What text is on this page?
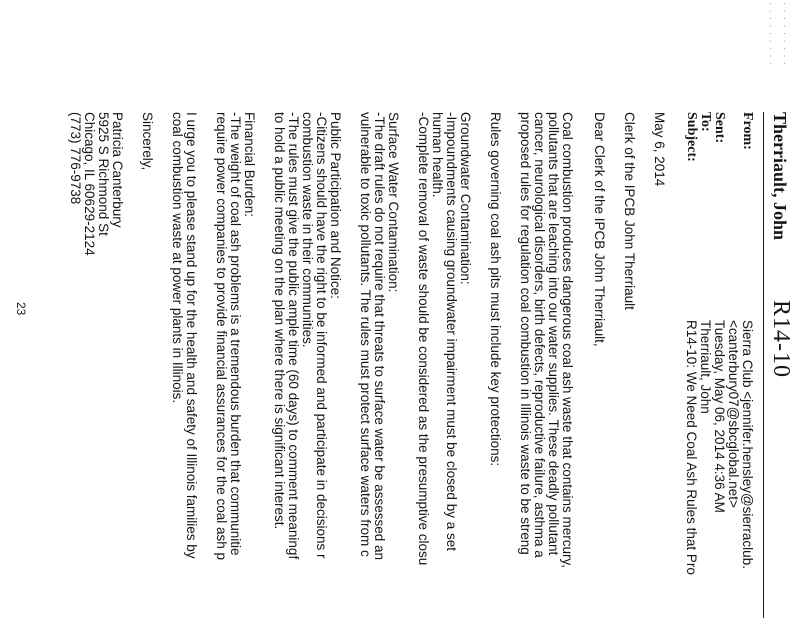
Therriault, John
R14-10
From:
Sierra Club <jennifer.hensley@sierraclub.
<canterbury07@sbcglobal.net>
Sent:
Tuesday, May 06, 2014 4:36 AM
To:
Therriault, John
Subject:
R14-10: We Need Coal Ash Rules that Pro
May 6, 2014
Clerk of the IPCB John Therriault
Dear Clerk of the IPCB John Therriault,
Coal combustion produces dangerous coal ash waste that contains mercury,
pollutants that are leaching into our water supplies. These deadly pollutant
cancer, neurological disorders, birth defects, reproductive failure, asthma a
proposed rules for regulation coal combustion in Illinois waste to be streng
Rules governing coal ash pits must include key protections:
Groundwater Contamination:
-Impoundments causing groundwater impairment must be closed by a set
human health.
-Complete removal of waste should be considered as the presumptive closu
Surface Water Contamination:
-The draft rules do not require that threats to surface water be assessed an
vulnerable to toxic pollutants. The rules must protect surface waters from c
Public Participation and Notice:
-Citizens should have the right to be informed and participate in decisions r
combustion waste in their communities.
-The rules must give the public ample time (60 days) to comment meaningf
to hold a public meeting on the plan where there is significant interest.
Financial Burden:
-The weight of coal ash problems is a tremendous burden that communitie
require power companies to provide financial assurances for the coal ash p
I urge you to please stand up for the health and safety of Illinois families by
coal combustion waste at power plants in Illinois.
Sincerely,
Patricia Canterbury
5925 S Richmond St
Chicago, IL 60629-2124
(773) 776-9738
23
· · · · · · · · ·
· · · · · · · · ·
